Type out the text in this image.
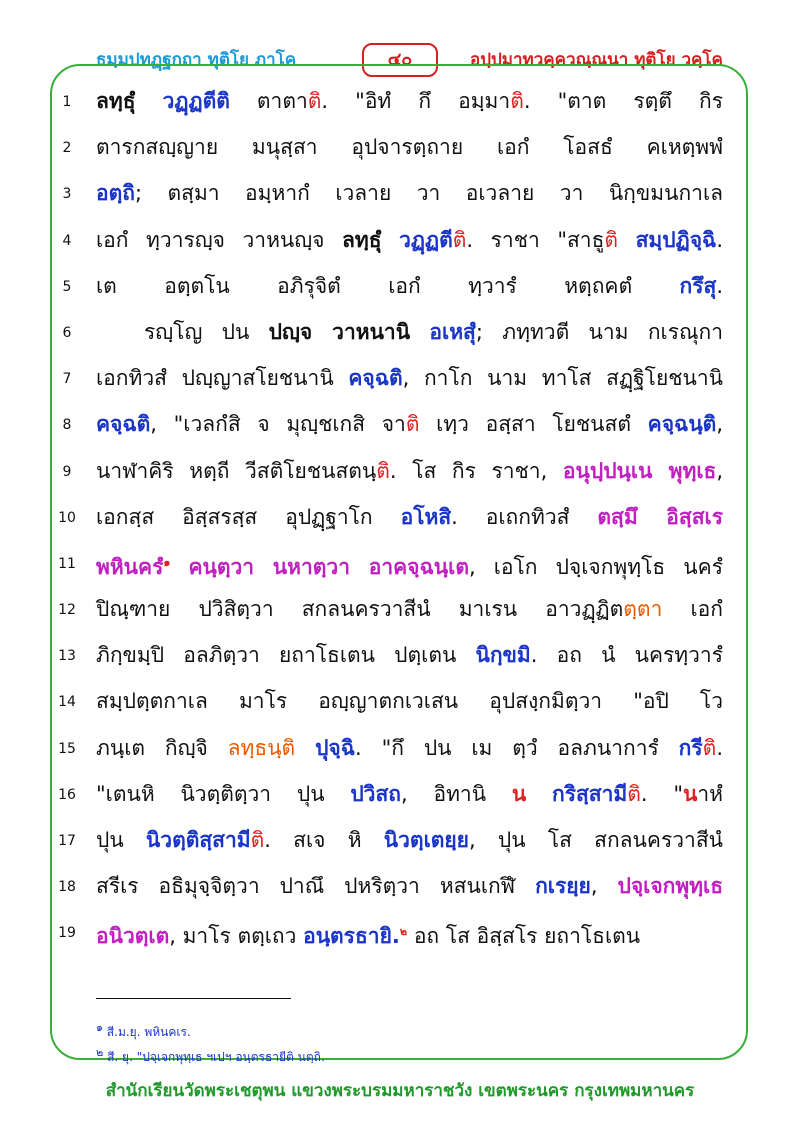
ธมฺมปทฏฺฐกถา ทุติโย ภาโค	๔๐	อปฺปมาทวคฺควณฺณนา ทุติโย วคฺโค
1	ลทฺธุํ วฏฺฏตีติ ตาตาติ. "อิทํ กึ อมฺมาติ. "ตาต รตฺตึ กิร
2	ตารกสญฺญาย มนุสฺสา อุปจารตฺถาย เอกํ โอสธํ คเหตฺพพํ
3	อตฺถิ; ตสฺมา อมฺหากํ เวลาย วา อเวลาย วา นิกฺขมนกาเล
4	เอกํ ทฺวารญฺจ วาหนญฺจ ลทฺธุํ วฏฺฏตีติ. ราชา "สาธูติ สมฺปฏิจฺฉิ.
5	เต อตฺตโน อภิรุจิตํ เอกํ ทฺวารํ หตฺถคตํ กรึสุ.
6	รญฺโญ ปน ปญฺจ วาหนานิ อเหสุํ; ภทฺทวตี นาม กเรณุกา
7	เอกทิวสํ ปญฺญาสโยชนานิ คจฺฉติ, กาโก นาม ทาโส สฏฺฐิโยชนานิ
8	คจฺฉติ, "เวลกํสิ จ มุญฺชเกสิ จาติ เทฺว อสฺสา โยชนสตํ คจฺฉนฺติ,
9	นาฬาคิริ หตฺถี วีสติโยชนสตนฺติ. โส กิร ราชา, อนุปฺปนฺเน พุทฺเธ,
10 เอกสฺส อิสฺสรสฺส อุปฏฺฐาโก อโหสิ. อเถกทิวสํ ตสฺมึ อิสฺสเร
11 พหินครํ$^๑$ คนฺตฺวา นหาตฺวา อาคจฺฉนฺเต, เอโก ปจฺเจกพุทฺโธ นครํ
12 ปิณฺฑาย ปวิสิตฺวา สกลนครวาสีนํ มาเรน อาวฏฺฏิตตฺตา เอกํ
13 ภิกฺขมฺปิ อลภิตฺวา ยถาโธเตน ปตฺเตน นิกฺขมิ. อถ นํ นครทฺวารํ
14 สมฺปตฺตกาเล มาโร อญฺญาตกเวเสน อุปสงฺกมิตฺวา "อปิ โว
15 ภนฺเต กิญฺจิ ลทฺธนฺติ ปุจฺฉิ. "กึ ปน เม ตฺวํ อลภนาการํ กรีติ.
16 "เตนหิ นิวตฺติตฺวา ปุน ปวิสถ, อิทานิ น กริสฺสามีติ. "นาหํ
17 ปุน นิวตฺติสฺสามีติ. สเจ หิ นิวตฺเตยฺย, ปุน โส สกลนครวาสีนํ
18 สรีเร อธิมุจฺจิตฺวา ปาณึ ปหริตฺวา หสนเกฬึ กเรยฺย, ปจฺเจกพุทฺเธ
19 อนิวตฺเต, มาโร ตตฺเถว อนฺตรธายิ.$^๒$ อถ โส อิสฺสโร ยถาโธเตน
$^๑$ สี.ม.ยุ. พหินคเร.
$^๒$ สี. ยุ. "ปจฺเจกพุทฺเธ ฯเปฯ อนฺตรธายีติ นตฺถิ.
สำนักเรียนวัดพระเชตุพน แขวงพระบรมมหาราชวัง เขตพระนคร กรุงเทพมหานคร
